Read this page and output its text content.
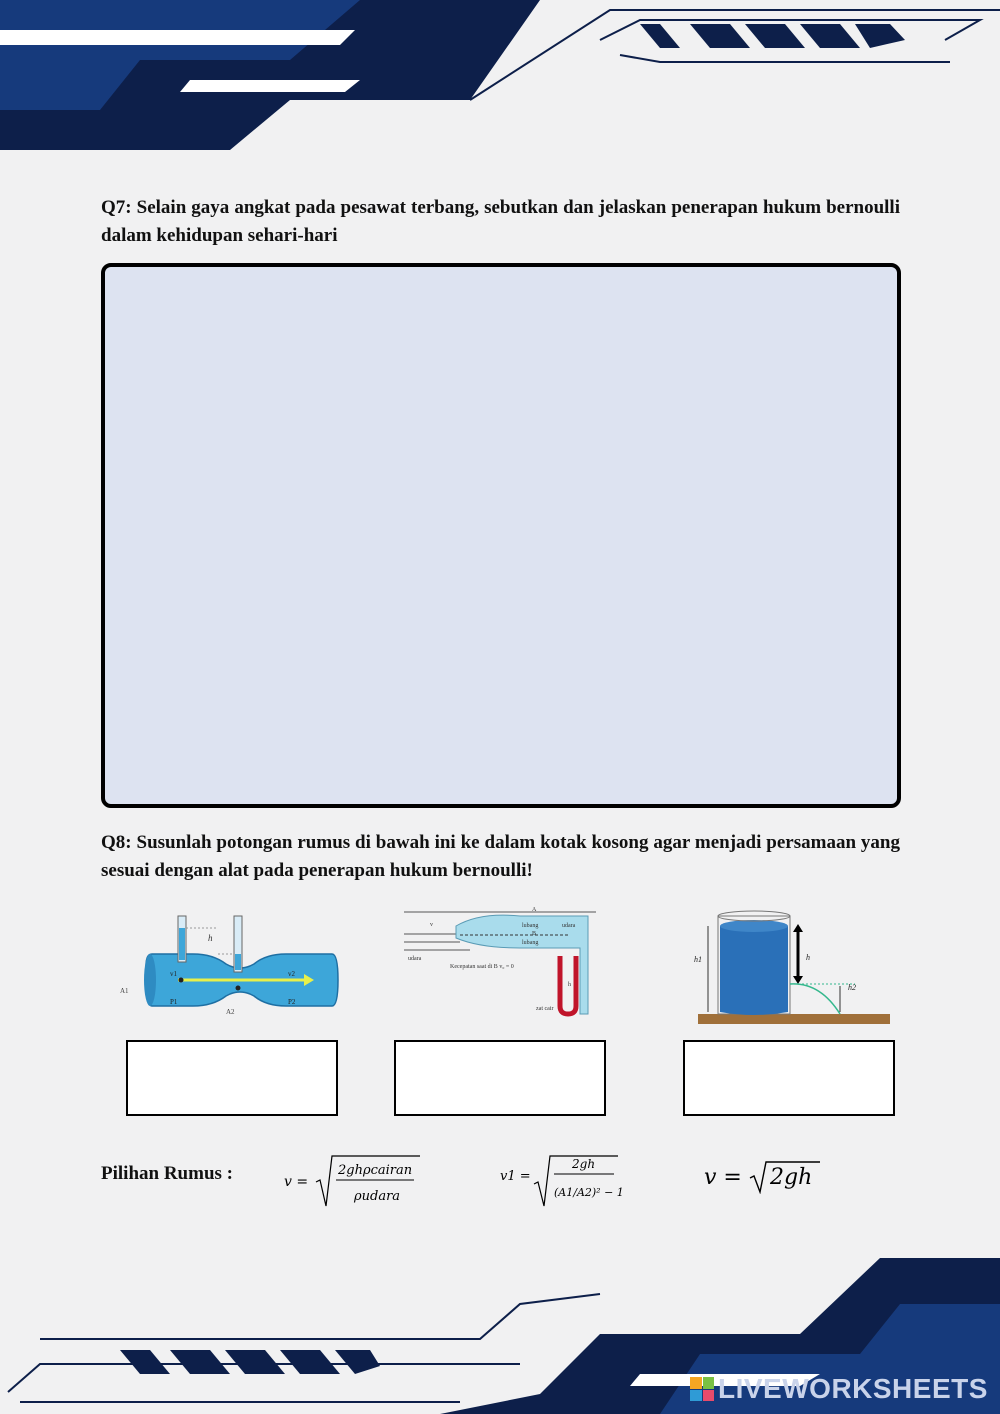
Q7: Selain gaya angkat pada pesawat terbang, sebutkan dan jelaskan penerapan hukum bernoulli dalam kehidupan sehari-hari
Q8: Susunlah potongan rumus di bawah ini ke dalam kotak kosong agar menjadi persamaan yang sesuai dengan alat pada penerapan hukum bernoulli!
h
v1	v2
A1
A2
P1	P2
A
v	lubang	udara
B
lubang
udara
Kecepatan saat di B v₀ = 0
h
zat cair
h1	h
h2
Pilihan Rumus :	v =
2ghρcairan
ρudara
v1 =
2gh
(A1/A2)² − 1
v = 2gh
LIVEWORKSHEETS
